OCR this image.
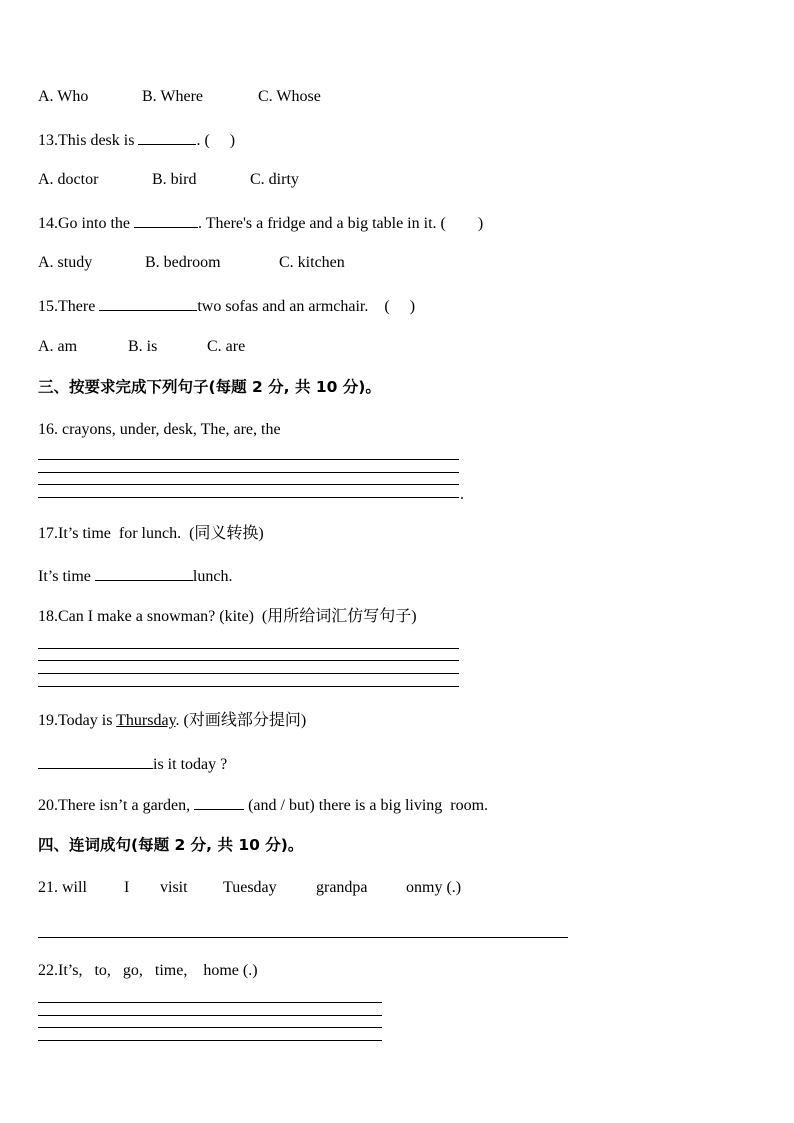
A. Who

	B. Where

	C. Whose

13.This desk is	. (     )

A. doctor

	B. bird

	C. dirty

14.Go into the	. There's a fridge and a big table in it. (        )

A. study

	B. bedroom

	C. kitchen

15.There	two sofas and an armchair.    (     )

A. am

	B. is

	C. are

三、按要求完成下列句子(每题 2 分, 共 10 分)。
16. crayons, under, desk, The, are, the
.
17.It’s time  for lunch.  (同义转换)
It’s time	lunch.
18.Can I make a snowman? (kite)  (用所给词汇仿写句子)
19.Today is Thursday. (对画线部分提问)
is it today ?
20.There isn’t a garden,	(and / but) there is a big living  room.
四、连词成句(每题 2 分, 共 10 分)。

21. will

I

visit

Tuesday

grandpa

onmy (.)

22.It’s,   to,   go,   time,    home (.)
